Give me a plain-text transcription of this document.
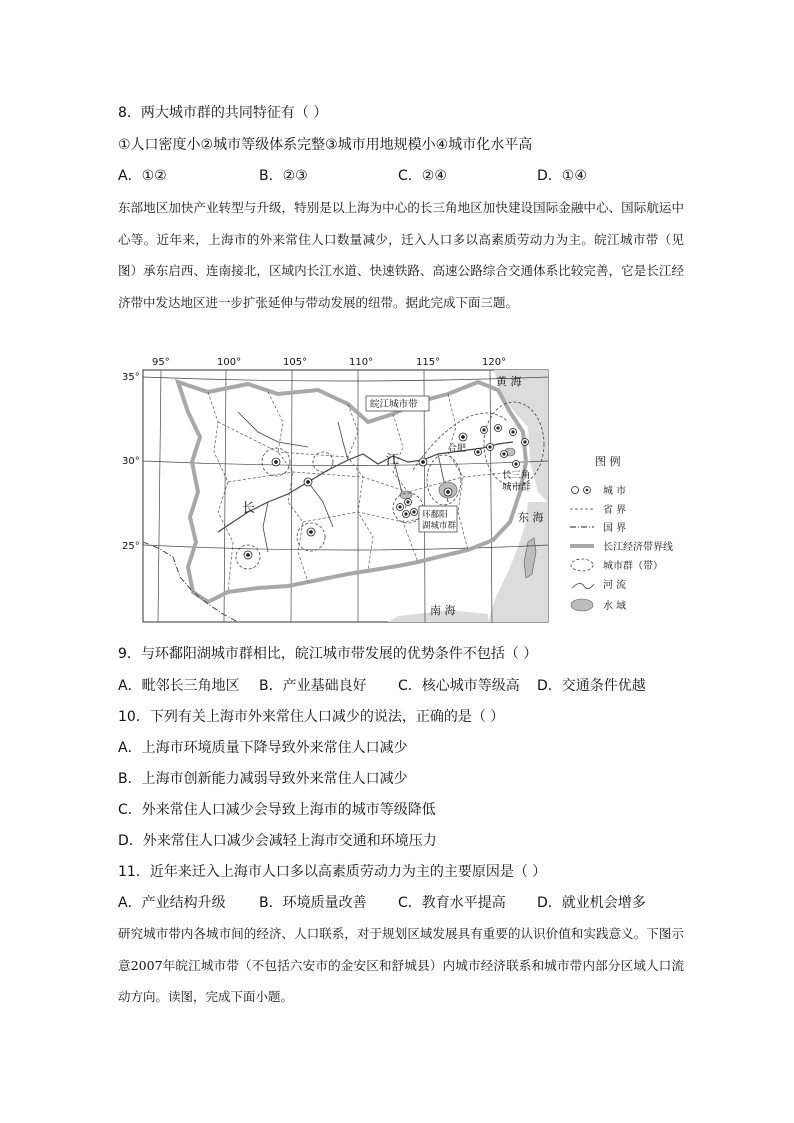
8．两大城市群的共同特征有（ ）
①人口密度小②城市等级体系完整③城市用地规模小④城市化水平高
A．①②	B．②③	C．②④	D．①④
东部地区加快产业转型与升级，特别是以上海为中心的长三角地区加快建设国际金融中心、国际航运中心等。近年来，上海市的外来常住人口数量减少，迁入人口多以高素质劳动力为主。皖江城市带（见图）承东启西、连南接北，区域内长江水道、快速铁路、高速公路综合交通体系比较完善，它是长江经济带中发达地区进一步扩张延伸与带动发展的纽带。据此完成下面三题。
95°	100°	105°	110°	115°	120°
35°
30°
25°
皖江城市带
合肥
黄 海
东 海
南 海
长
江
环鄱阳
湖城市群
长三角
城市群
图 例
城 市
省 界
国 界
长江经济带界线
城市群（带）
河 流
水 域
9．与环鄱阳湖城市群相比，皖江城市带发展的优势条件不包括（ ）
A．毗邻长三角地区 B．产业基础良好 C．核心城市等级高 D．交通条件优越
10．下列有关上海市外来常住人口减少的说法，正确的是（ ）
A．上海市环境质量下降导致外来常住人口减少
B．上海市创新能力减弱导致外来常住人口减少
C．外来常住人口减少会导致上海市的城市等级降低
D．外来常住人口减少会减轻上海市交通和环境压力
11．近年来迁入上海市人口多以高素质劳动力为主的主要原因是（ ）
A．产业结构升级 B．环境质量改善 C．教育水平提高 D．就业机会增多
研究城市带内各城市间的经济、人口联系，对于规划区域发展具有重要的认识价值和实践意义。下图示意2007年皖江城市带（不包括六安市的金安区和舒城县）内城市经济联系和城市带内部分区域人口流动方向。读图，完成下面小题。
